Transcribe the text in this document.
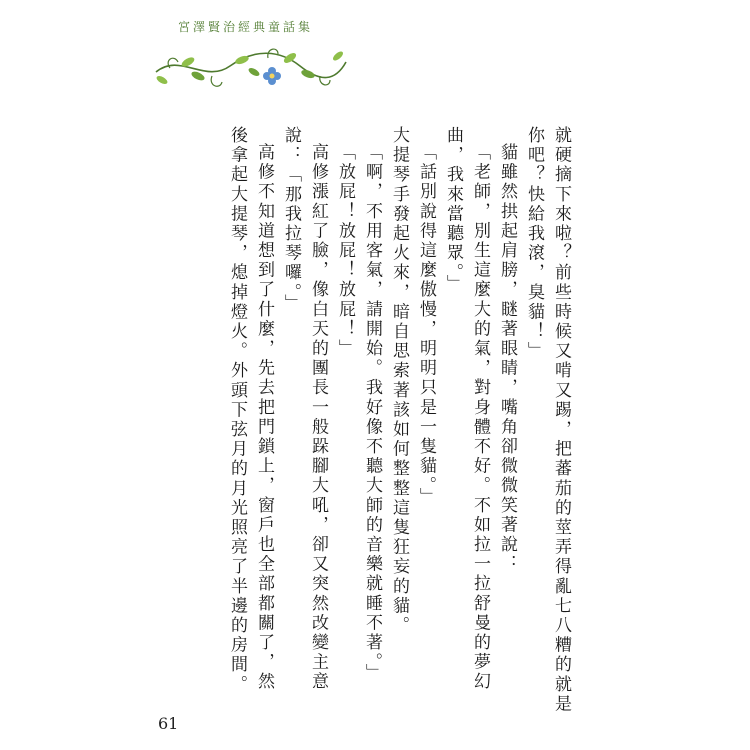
宮澤賢治經典童話集

就硬摘下來啦？前些時候又啃又踢，把蕃茄的莖弄得亂七八糟的就是

你吧？快給我滾，臭貓！」

貓雖然拱起肩膀，瞇著眼睛，嘴角卻微微笑著說：

「老師，別生這麼大的氣，對身體不好。不如拉一拉舒曼的夢幻

曲，我來當聽眾。」

「話別說得這麼傲慢，明明只是一隻貓。」

大提琴手發起火來，暗自思索著該如何整整這隻狂妄的貓。

「啊，不用客氣，請開始。我好像不聽大師的音樂就睡不著。」

「放屁！放屁！放屁！」

高修漲紅了臉，像白天的團長一般跺腳大吼，卻又突然改變主意

說：「那我拉琴囉。」

高修不知道想到了什麼，先去把門鎖上，窗戶也全部都關了，然

後拿起大提琴，熄掉燈火。外頭下弦月的月光照亮了半邊的房間。

61
